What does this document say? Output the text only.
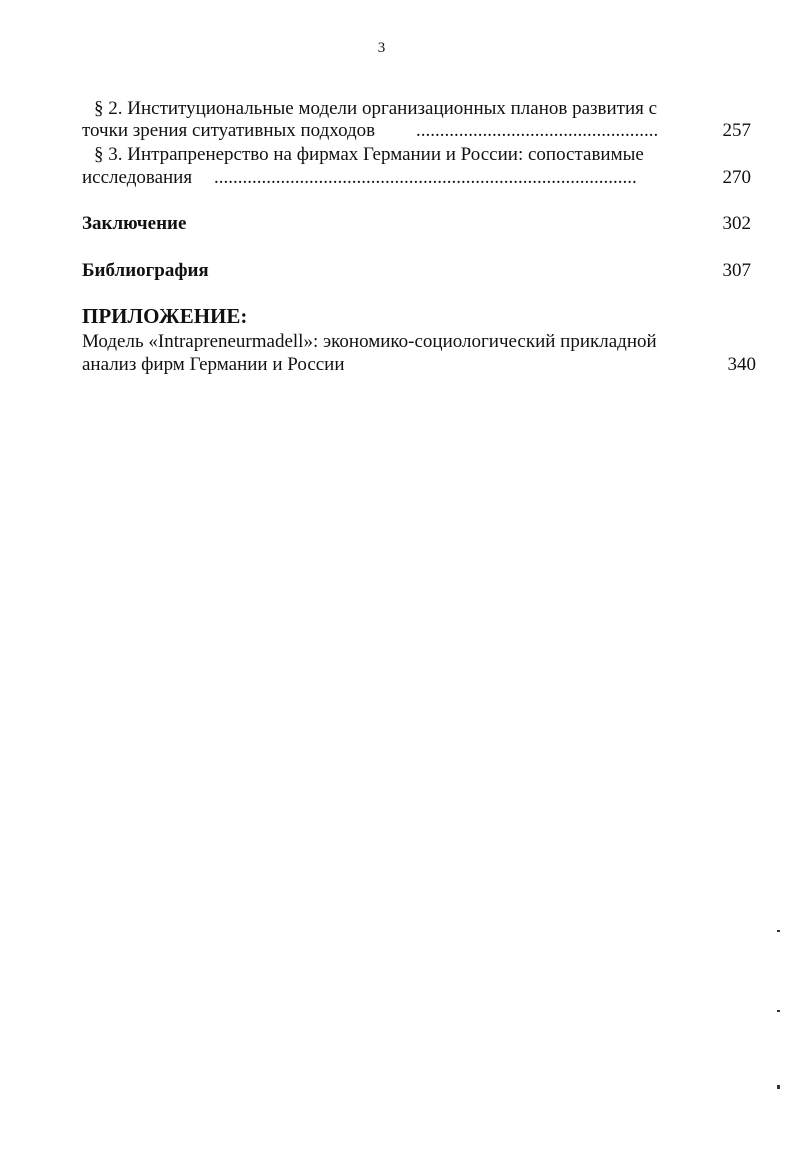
3
§ 2. Институциональные модели организационных планов развития с
точки зрения ситуативных подходов ...................................................	257
§ 3. Интрапренерство на фирмах Германии и России: сопоставимые
исследования .........................................................................................	270
Заключение	302
Библиография	307
ПРИЛОЖЕНИЕ:
Модель «Intrapreneurmadell»: экономико-социологический прикладной
анализ фирм Германии и России	340
